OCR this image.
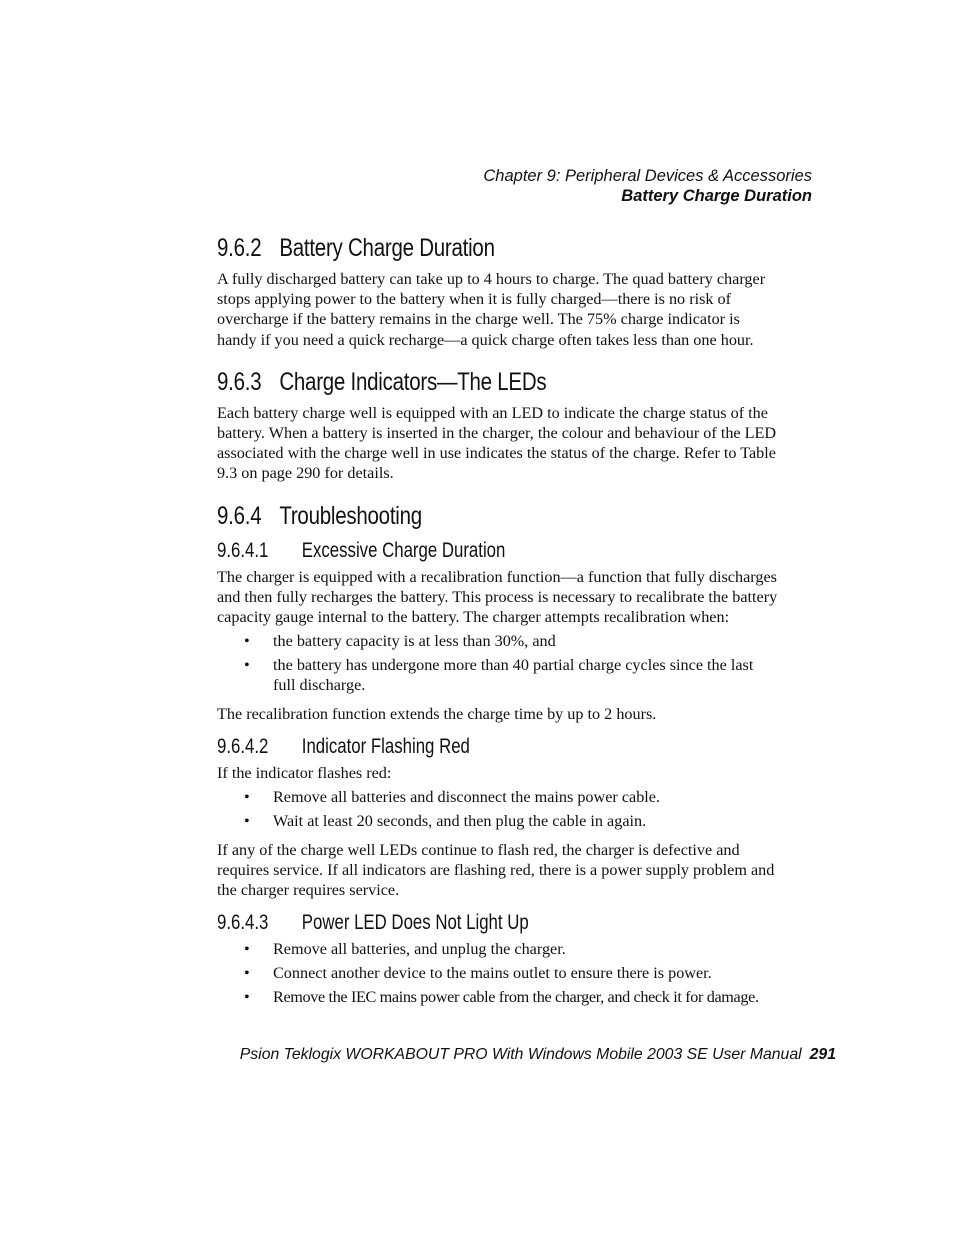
Chapter 9: Peripheral Devices & Accessories
Battery Charge Duration
9.6.2 Battery Charge Duration

A fully discharged battery can take up to 4 hours to charge. The quad battery charger stops applying power to the battery when it is fully charged—there is no risk of overcharge if the battery remains in the charge well. The 75% charge indicator is handy if you need a quick recharge—a quick charge often takes less than one hour.

9.6.3 Charge Indicators—The LEDs

Each battery charge well is equipped with an LED to indicate the charge status of the battery. When a battery is inserted in the charger, the colour and behaviour of the LED associated with the charge well in use indicates the status of the charge. Refer to Table 9.3 on page 290 for details.

9.6.4 Troubleshooting
9.6.4.1 Excessive Charge Duration

The charger is equipped with a recalibration function—a function that fully discharges and then fully recharges the battery. This process is necessary to recalibrate the battery capacity gauge internal to the battery. The charger attempts recalibration when:

• the battery capacity is at less than 30%, and
• the battery has undergone more than 40 partial charge cycles since the last full discharge.

The recalibration function extends the charge time by up to 2 hours.

9.6.4.2 Indicator Flashing Red

If the indicator flashes red:

• Remove all batteries and disconnect the mains power cable.
• Wait at least 20 seconds, and then plug the cable in again.

If any of the charge well LEDs continue to flash red, the charger is defective and requires service. If all indicators are flashing red, there is a power supply problem and the charger requires service.

9.6.4.3 Power LED Does Not Light Up
• Remove all batteries, and unplug the charger.
• Connect another device to the mains outlet to ensure there is power.
• Remove the IEC mains power cable from the charger, and check it for damage.
Psion Teklogix WORKABOUT PRO With Windows Mobile 2003 SE User Manual 291
